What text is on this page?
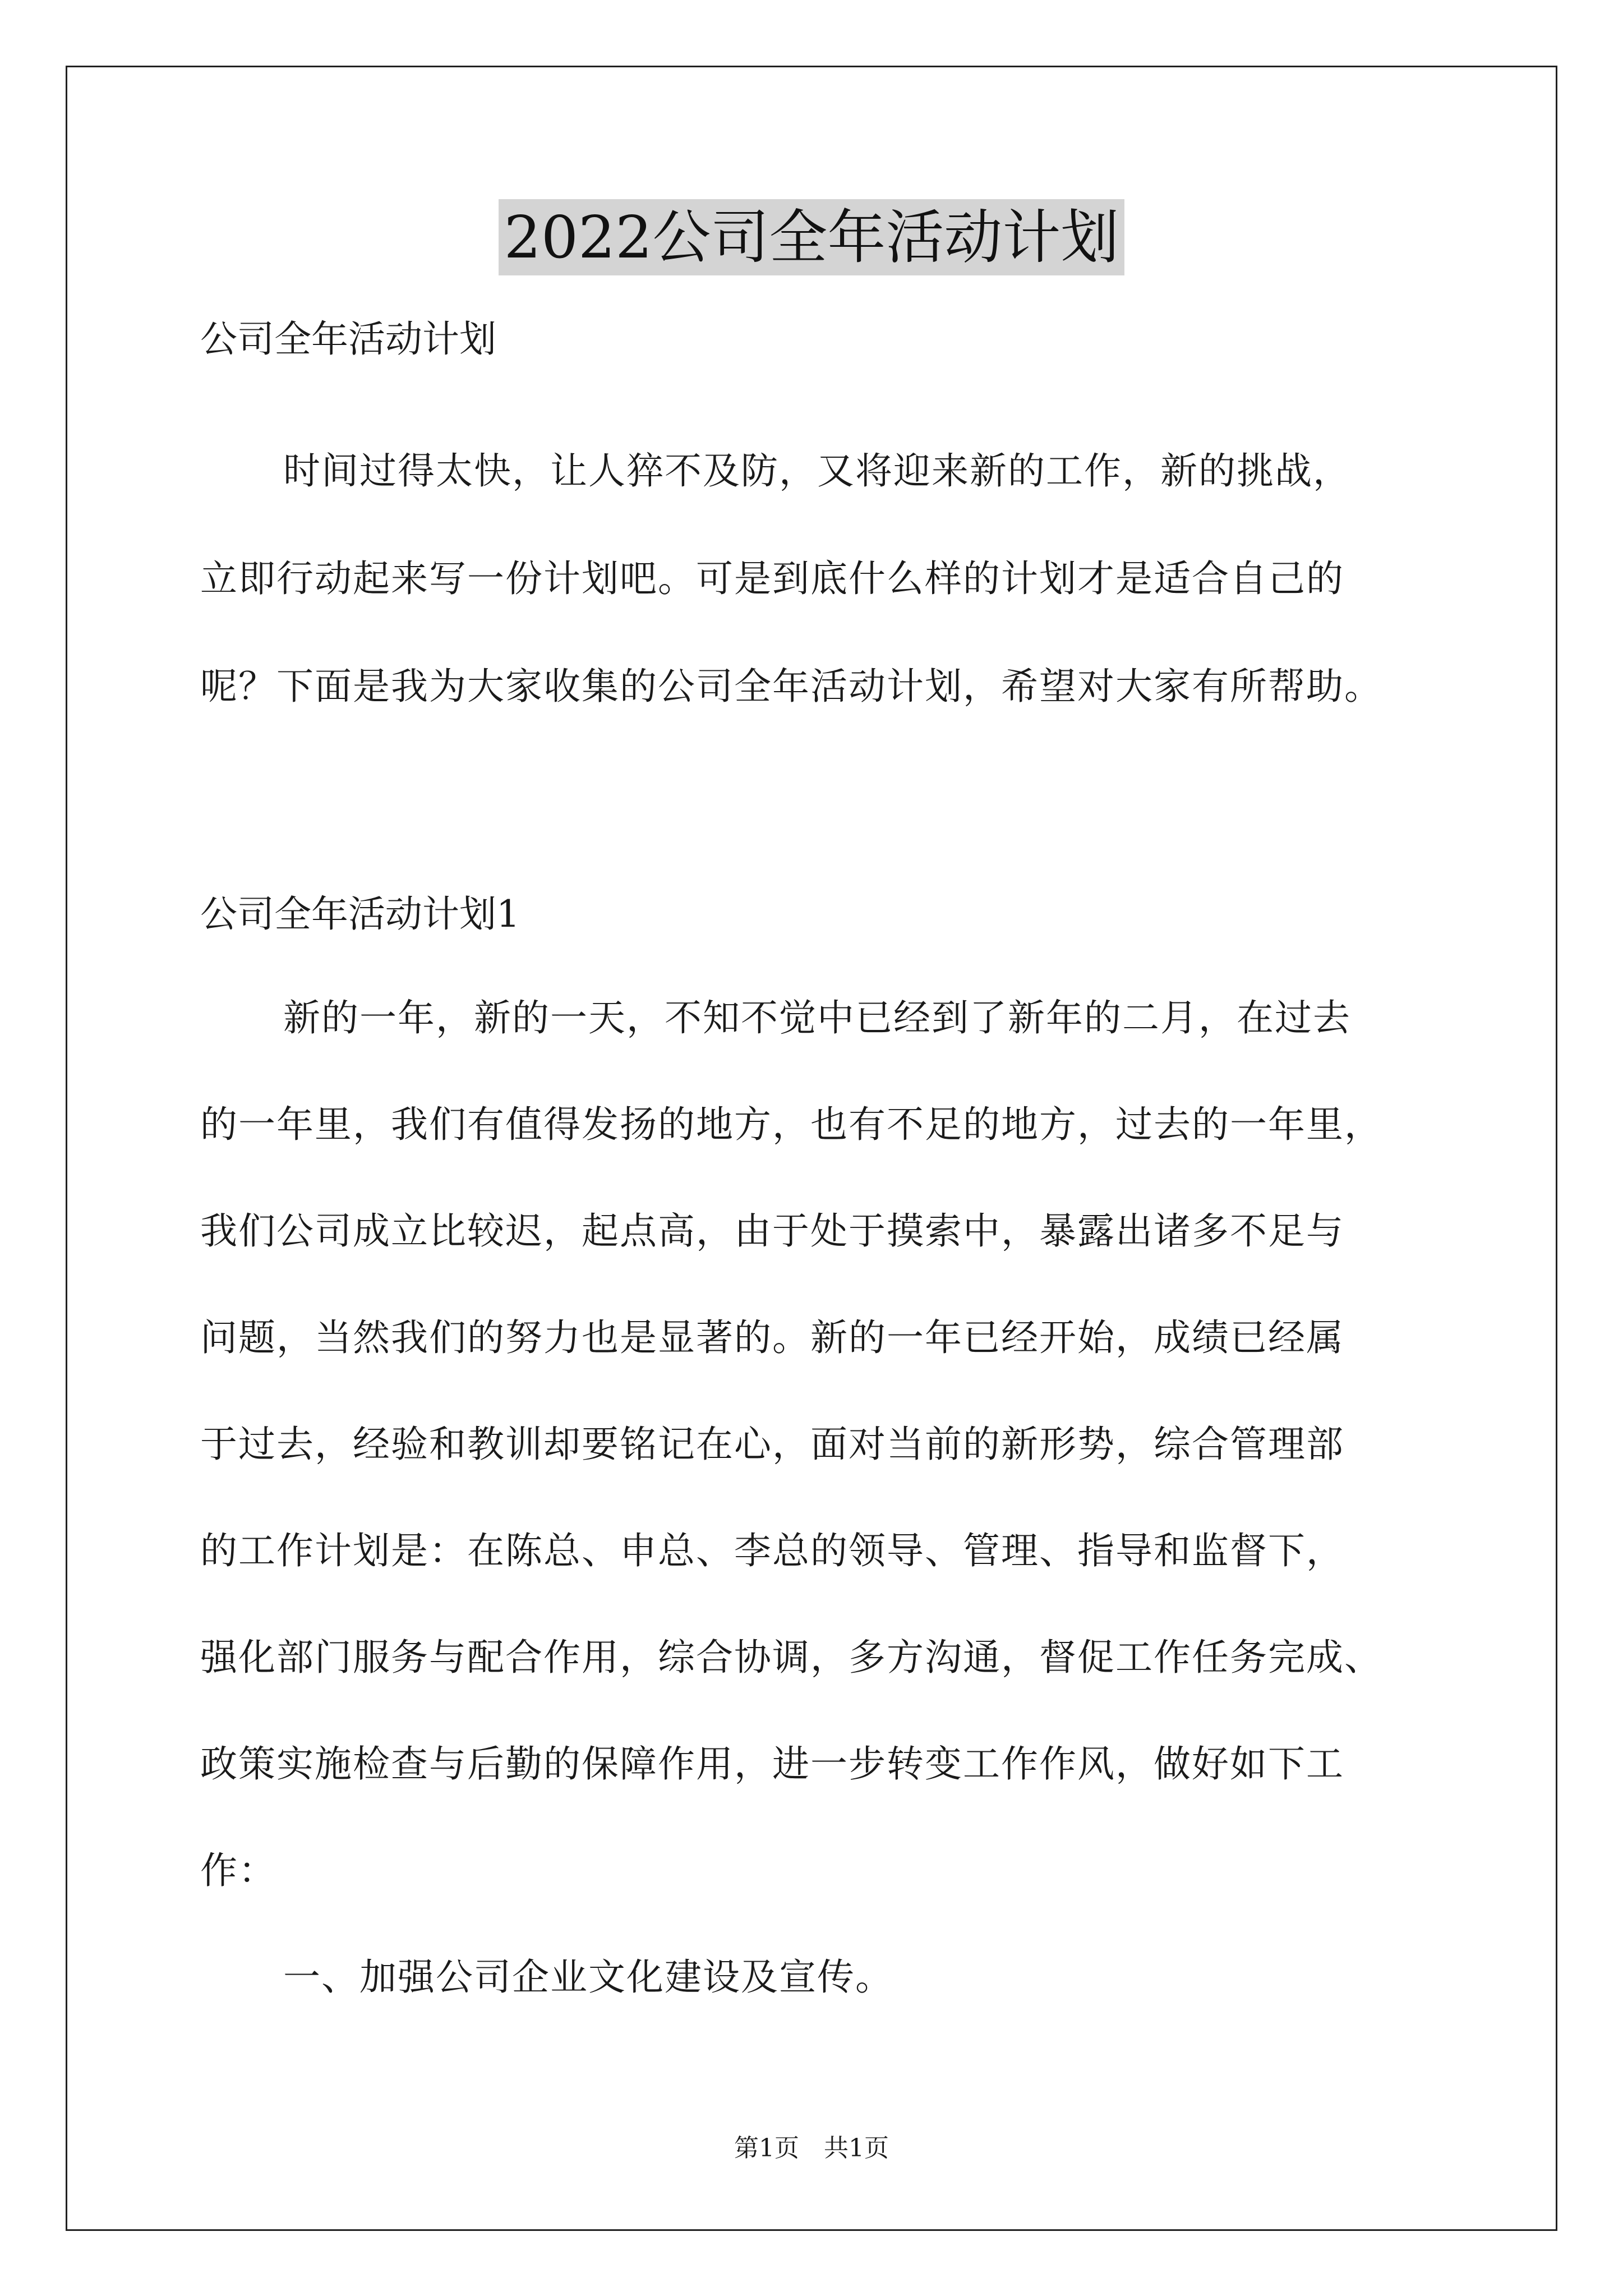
2022公司全年活动计划
公司全年活动计划
时间过得太快，让人猝不及防，又将迎来新的工作，新的挑战，
立即行动起来写一份计划吧。可是到底什么样的计划才是适合自己的
呢？下面是我为大家收集的公司全年活动计划，希望对大家有所帮助。
公司全年活动计划1
新的一年，新的一天，不知不觉中已经到了新年的二月，在过去
的一年里，我们有值得发扬的地方，也有不足的地方，过去的一年里，
我们公司成立比较迟，起点高，由于处于摸索中，暴露出诸多不足与
问题，当然我们的努力也是显著的。新的一年已经开始，成绩已经属
于过去，经验和教训却要铭记在心，面对当前的新形势，综合管理部
的工作计划是：在陈总、申总、李总的领导、管理、指导和监督下，
强化部门服务与配合作用，综合协调，多方沟通，督促工作任务完成、
政策实施检查与后勤的保障作用，进一步转变工作作风，做好如下工
作：
一、加强公司企业文化建设及宣传。
第1页　共1页
